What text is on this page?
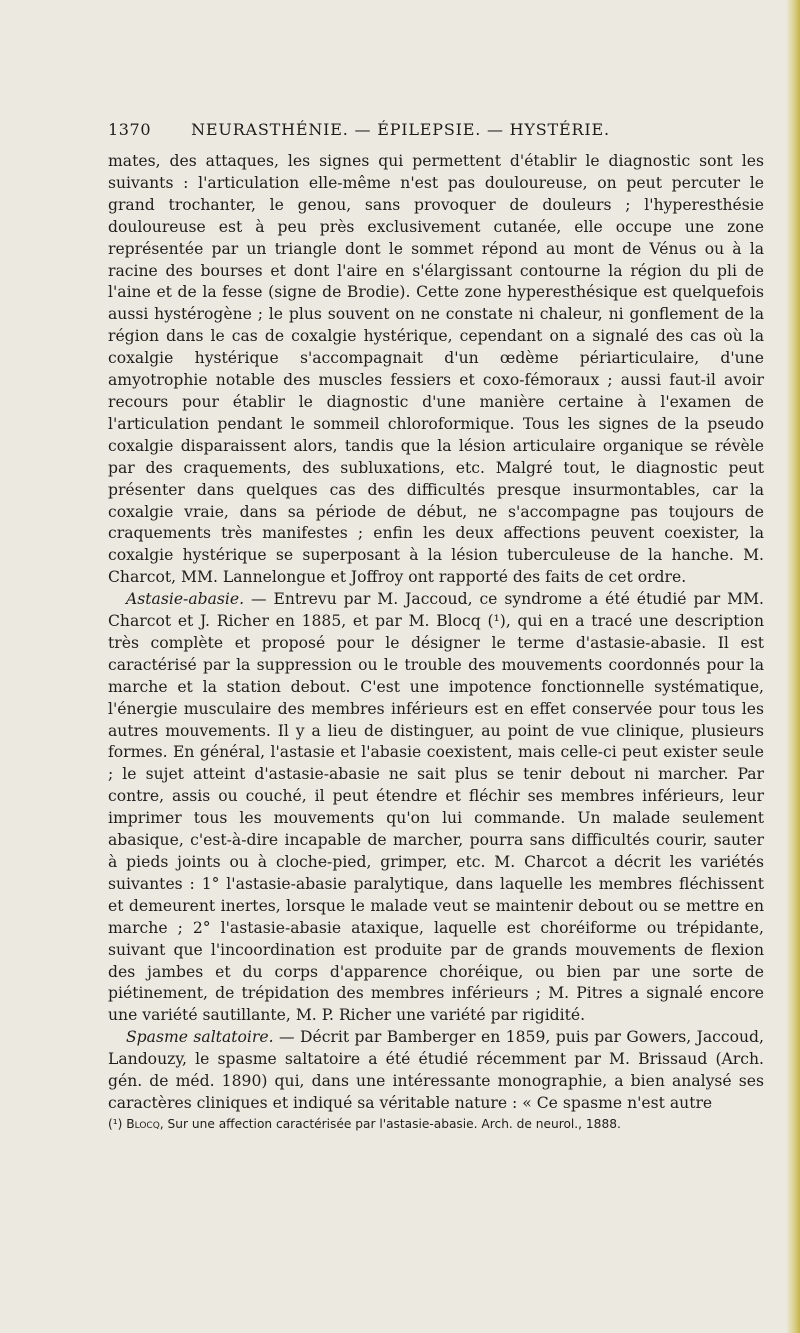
1370	NEURASTHÉNIE. — ÉPILEPSIE. — HYSTÉRIE.

mates, des attaques, les signes qui permettent d'établir le diagnostic sont les suivants : l'articulation elle-même n'est pas douloureuse, on peut percuter le grand trochanter, le genou, sans provoquer de douleurs ; l'hyperesthésie douloureuse est à peu près exclusivement cutanée, elle occupe une zone représentée par un triangle dont le sommet répond au mont de Vénus ou à la racine des bourses et dont l'aire en s'élargissant contourne la région du pli de l'aine et de la fesse (signe de Brodie). Cette zone hyperesthésique est quelquefois aussi hystérogène ; le plus souvent on ne constate ni chaleur, ni gonflement de la région dans le cas de coxalgie hystérique, cependant on a signalé des cas où la coxalgie hystérique s'accompagnait d'un œdème périarticulaire, d'une amyotrophie notable des muscles fessiers et coxo-fémoraux ; aussi faut-il avoir recours pour établir le diagnostic d'une manière certaine à l'examen de l'articulation pendant le sommeil chloroformique. Tous les signes de la pseudo coxalgie disparaissent alors, tandis que la lésion articulaire organique se révèle par des craquements, des subluxations, etc. Malgré tout, le diagnostic peut présenter dans quelques cas des difficultés presque insurmontables, car la coxalgie vraie, dans sa période de début, ne s'accompagne pas toujours de craquements très manifestes ; enfin les deux affections peuvent coexister, la coxalgie hystérique se superposant à la lésion tuberculeuse de la hanche. M. Charcot, MM. Lannelongue et Joffroy ont rapporté des faits de cet ordre.

Astasie-abasie. — Entrevu par M. Jaccoud, ce syndrome a été étudié par MM. Charcot et J. Richer en 1885, et par M. Blocq (¹), qui en a tracé une description très complète et proposé pour le désigner le terme d'astasie-abasie. Il est caractérisé par la suppression ou le trouble des mouvements coordonnés pour la marche et la station debout. C'est une impotence fonctionnelle systématique, l'énergie musculaire des membres inférieurs est en effet conservée pour tous les autres mouvements. Il y a lieu de distinguer, au point de vue clinique, plusieurs formes. En général, l'astasie et l'abasie coexistent, mais celle-ci peut exister seule ; le sujet atteint d'astasie-abasie ne sait plus se tenir debout ni marcher. Par contre, assis ou couché, il peut étendre et fléchir ses membres inférieurs, leur imprimer tous les mouvements qu'on lui commande. Un malade seulement abasique, c'est-à-dire incapable de marcher, pourra sans difficultés courir, sauter à pieds joints ou à cloche-pied, grimper, etc. M. Charcot a décrit les variétés suivantes : 1° l'astasie-abasie paralytique, dans laquelle les membres fléchissent et demeurent inertes, lorsque le malade veut se maintenir debout ou se mettre en marche ; 2° l'astasie-abasie ataxique, laquelle est choréiforme ou trépidante, suivant que l'incoordination est produite par de grands mouvements de flexion des jambes et du corps d'apparence choréique, ou bien par une sorte de piétinement, de trépidation des membres inférieurs ; M. Pitres a signalé encore une variété sautillante, M. P. Richer une variété par rigidité.

Spasme saltatoire. — Décrit par Bamberger en 1859, puis par Gowers, Jaccoud, Landouzy, le spasme saltatoire a été étudié récemment par M. Brissaud (Arch. gén. de méd. 1890) qui, dans une intéressante monographie, a bien analysé ses caractères cliniques et indiqué sa véritable nature : « Ce spasme n'est autre

(¹) Blocq, Sur une affection caractérisée par l'astasie-abasie. Arch. de neurol., 1888.
